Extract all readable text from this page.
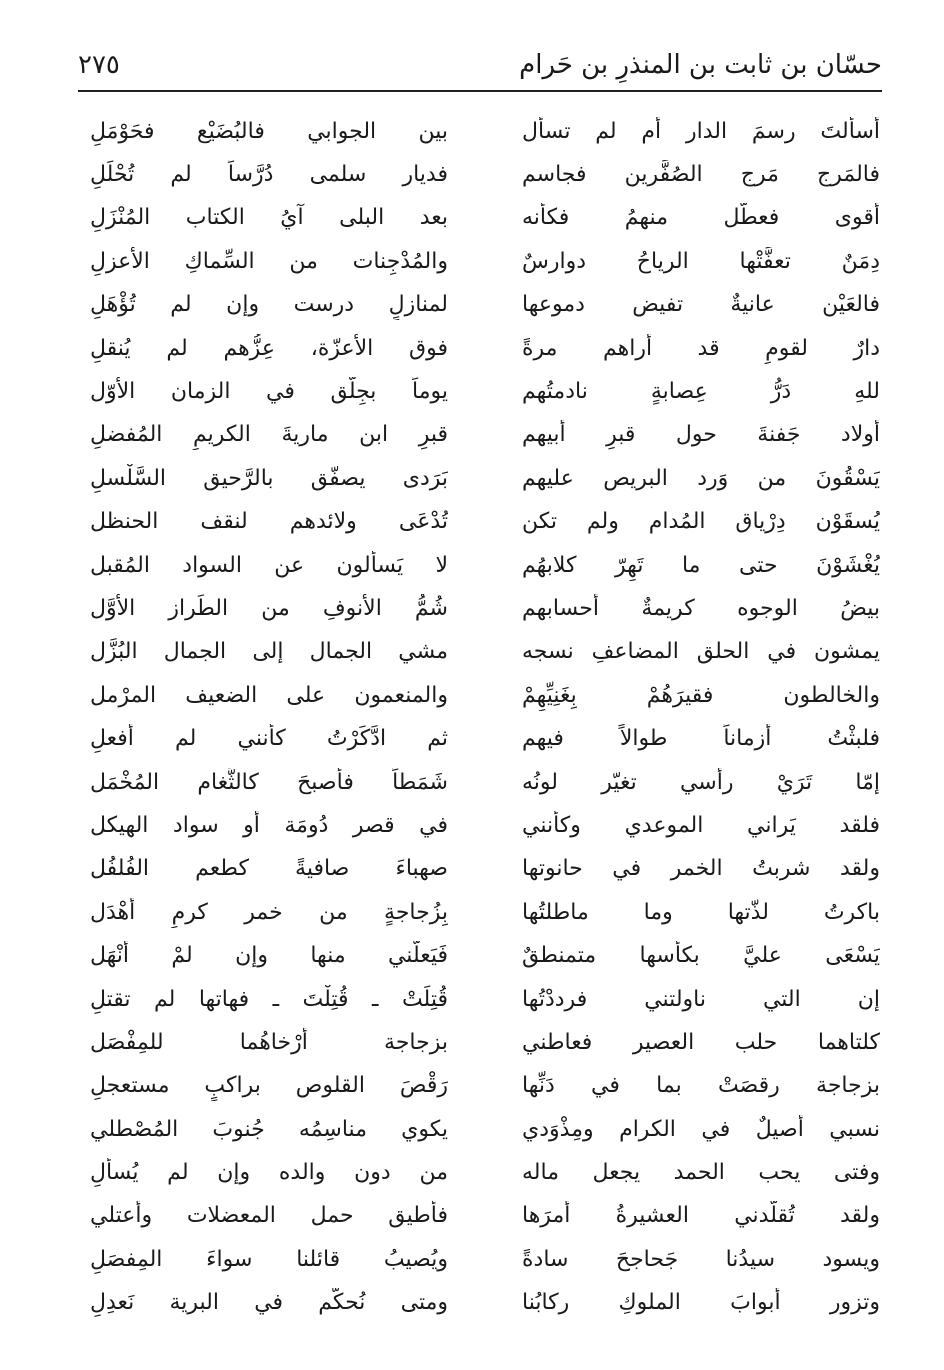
حسّان بن ثابت بن المنذرِ بن حَرام
٢٧٥
أسألتَ رسمَ الدار أم لم تسأل
بين الجوابي فالبُضَيْع فحَوْمَلِ
فالمَرج مَرج الصُفَّرين فجاسم
فديار سلمى دُرَّساً لم تُحْلَلِ
أقوى فعطَّل منهمُ فكأنه
بعد البلى آيُ الكتاب المُنْزَلِ
دِمَنٌ تعفَّتْها الرياحُ دوارسٌ
والمُدْجِنات من السِّماكِ الأعزلِ
فالعَيْن عانيةٌ تفيض دموعها
لمنازلٍ درست وإن لم تُؤْهَلِ
دارٌ لقومٍ قد أراهم مرةً
فوق الأعزّة، عِزُّهم لم يُنقلِ
للهِ دَرُّ عِصابةٍ نادمتُهم
يوماً بجِلَّق في الزمان الأوّل
أولاد جَفنةَ حول قبرِ أبيهم
قبرِ ابن ماريةَ الكريمِ المُفضلِ
يَسْقُونَ من وَرد البريص عليهم
بَرَدى يصفّق بالرَّحيق السَّلْسلِ
يُسقَوْن دِرْياق المُدام ولم تكن
تُدْعَى ولائدهم لنقف الحنظل
يُغْشَوْنَ حتى ما تَهِرّ كلابهُم
لا يَسألون عن السواد المُقبل
بيضُ الوجوه كريمةٌ أحسابهم
شُمُّ الأنوفِ من الطِّراز الأوَّل
يمشون في الحلق المضاعفِ نسجه
مشي الجمال إلى الجمال البُزَّل
والخالطون فقيرَهُمْ بِغَنِيِّهِمْ
والمنعمون على الضعيف المرْمل
فلبثْتُ أزماناً طوالاً فيهم
ثم ادَّكَرْتُ كأنني لم أفعلِ
إمّا تَرَيْ رأسي تغيّر لونُه
شَمَطاً فأصبحَ كالثَّغام المُخْمَل
فلقد يَراني الموعدي وكأنني
في قصر دُومَة أو سواد الهيكل
ولقد شربتُ الخمر في حانوتها
صهباءَ صافيةً كطعم الفُلفُل
باكرتُ لذّتها وما ماطلتُها
بِزُجاجةٍ من خمر كرمِ أهْدَل
يَسْعَى عليَّ بكأسها متمنطقٌ
فَيَعلُّني منها وإن لمْ أنْهَل
إن التي ناولتني فرددْتُها
قُتِلَتْ ـ قُتِلْتَ ـ فهاتها لم تقتلِ
كلتاهما حلب العصير فعاطني
بزجاجة أرْخاهُما للمِفْصَل
بزجاجة رقصَتْ بما في دَنِّها
رَقْصَ القلوص براكبٍ مستعجلِ
نسبي أصيلٌ في الكرام ومِذْوَدي
يكوي مناسِمُه جُنوبَ المُصْطلي
وفتى يحب الحمد يجعل ماله
من دون والده وإن لم يُسألِ
ولقد تُقلّدني العشيرةُ أمرَها
فأطيق حمل المعضلات وأعتلي
ويسود سيدُنا جَحاجحَ سادةً
ويُصيبُ قائلنا سواءَ المِفصَلِ
وتزور أبوابَ الملوكِ ركابُنا
ومتى نُحكّم في البرية نَعدِلِ
